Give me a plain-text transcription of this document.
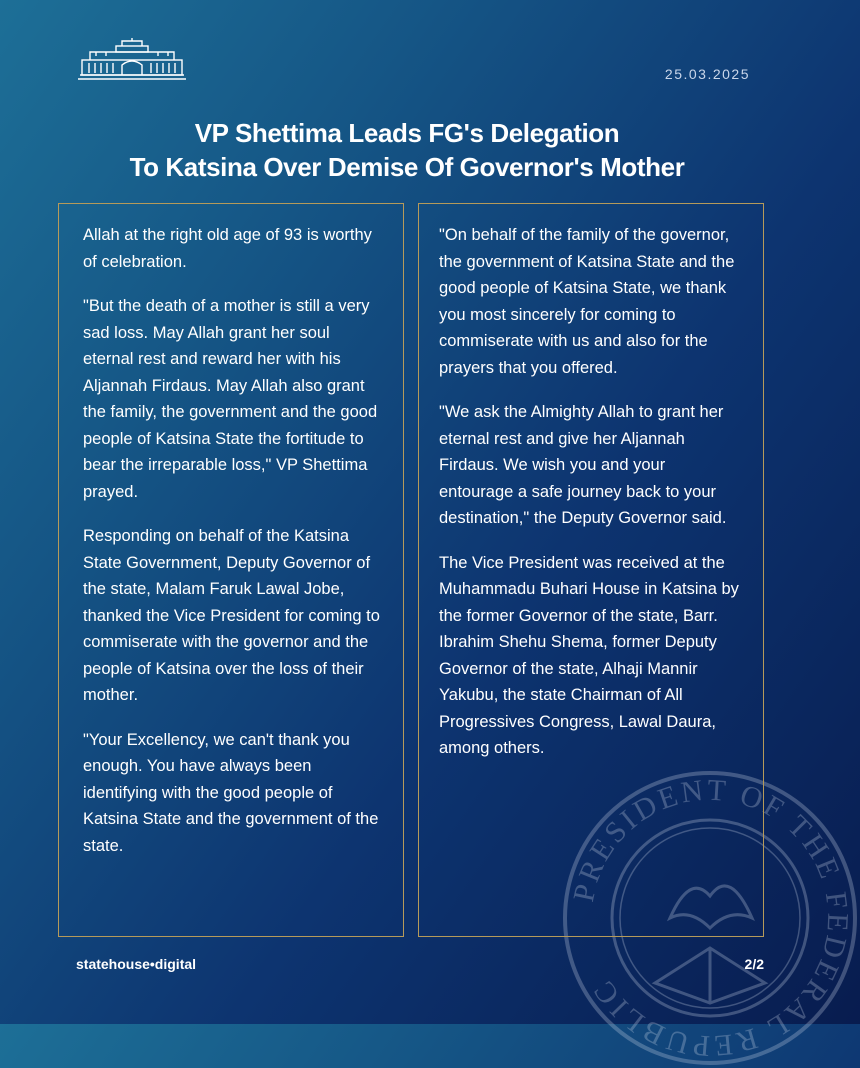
25.03.2025
VP Shettima Leads FG's Delegation
To Katsina Over Demise Of Governor's Mother
PRESIDENT OF THE FEDERAL REPUBLIC

Allah at the right old age of 93 is worthy of celebration.

"But the death of a mother is still a very sad loss. May Allah grant her soul eternal rest and reward her with his Aljannah Firdaus. May Allah also grant the family, the government and the good people of Katsina State the fortitude to bear the irreparable loss," VP Shettima prayed.

Responding on behalf of the Katsina State Government, Deputy Governor of the state, Malam Faruk Lawal Jobe, thanked the Vice President for coming to commiserate with the governor and the people of Katsina over the loss of their mother.

"Your Excellency, we can't thank you enough. You have always been identifying with the good people of Katsina State and the government of the state.

"On behalf of the family of the governor, the government of Katsina State and the good people of Katsina State, we thank you most sincerely for coming to commiserate with us and also for the prayers that you offered.

"We ask the Almighty Allah to grant her eternal rest and give her Aljannah Firdaus. We wish you and your entourage a safe journey back to your destination," the Deputy Governor said.

The Vice President was received at the Muhammadu Buhari House in Katsina by the former Governor of the state, Barr. Ibrahim Shehu Shema, former Deputy Governor of the state, Alhaji Mannir Yakubu, the state Chairman of All Progressives Congress, Lawal Daura, among others.

statehouse•digital	2/2
